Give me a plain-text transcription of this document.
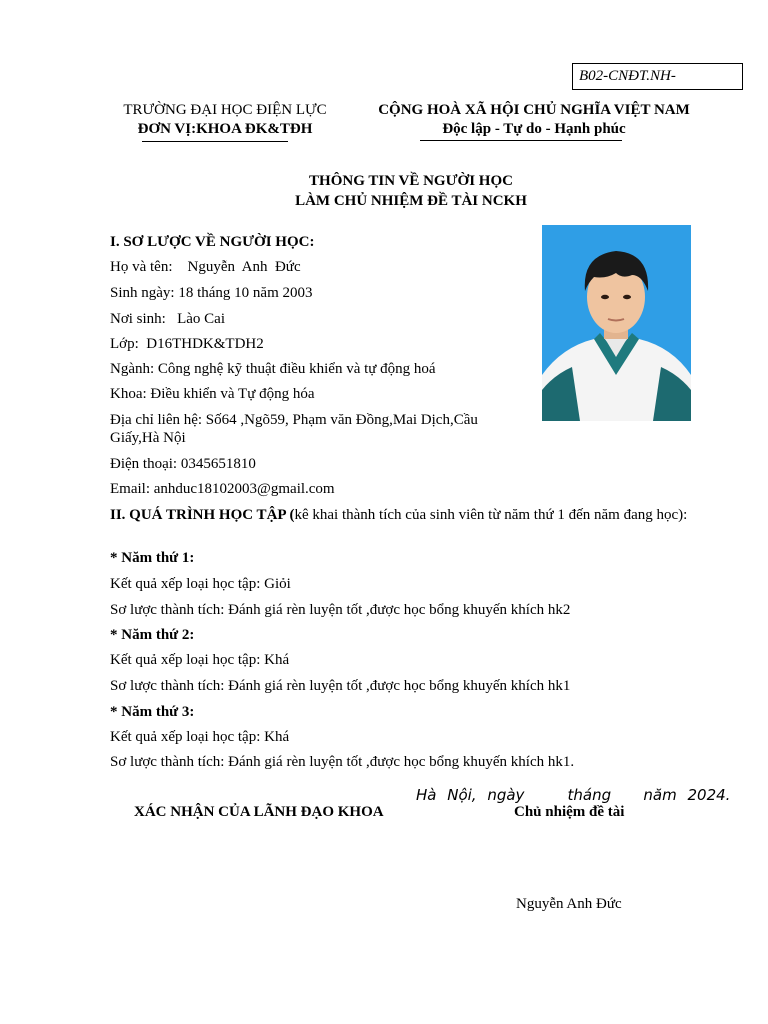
B02-CNĐT.NH-
TRƯỜNG ĐẠI HỌC ĐIỆN LỰC
ĐƠN VỊ:KHOA ĐK&TĐH
CỘNG HOÀ XÃ HỘI CHỦ NGHĨA VIỆT NAM
Độc lập - Tự do - Hạnh phúc
THÔNG TIN VỀ NGƯỜI HỌC
LÀM CHỦ NHIỆM ĐỀ TÀI NCKH
I. SƠ LƯỢC VỀ NGƯỜI HỌC:
Họ và tên:    Nguyễn  Anh  Đức
Sinh ngày: 18 tháng 10 năm 2003
Nơi sinh:   Lào Cai
Lớp:  D16THDK&TDH2
Ngành: Công nghệ kỹ thuật điều khiển và tự động hoá
Khoa: Điều khiển và Tự động hóa
Địa chỉ liên hệ: Số64 ,Ngõ59, Phạm văn Đồng,Mai Dịch,Cầu
Giấy,Hà Nội
Điện thoại: 0345651810
Email: anhduc18102003@gmail.com
II. QUÁ TRÌNH HỌC TẬP (kê khai thành tích của sinh viên từ năm thứ 1 đến năm đang học):
* Năm thứ 1:
Kết quả xếp loại học tập: Giỏi
Sơ lược thành tích: Đánh giá rèn luyện tốt ,được học bổng khuyến khích hk2
* Năm thứ 2:
Kết quả xếp loại học tập: Khá
Sơ lược thành tích: Đánh giá rèn luyện tốt ,được học bổng khuyến khích hk1
* Năm thứ 3:
Kết quả xếp loại học tập: Khá
Sơ lược thành tích: Đánh giá rèn luyện tốt ,được học bổng khuyến khích hk1.
Hà Nội, ngày    tháng   năm 2024.
XÁC NHẬN CỦA LÃNH ĐẠO KHOA	Chủ nhiệm đề tài
Nguyễn Anh Đức
